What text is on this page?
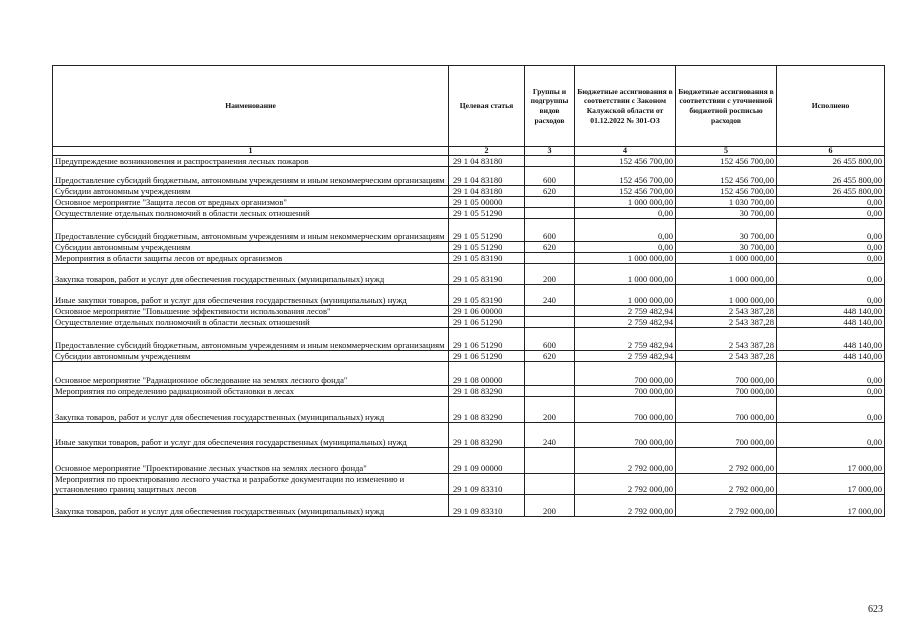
Наименование	Целевая статья	Группы и подгруппы видов расходов	Бюджетные ассигнования в соответствии с Законом Калужской области от 01.12.2022 № 301-ОЗ	Бюджетные ассигнования в соответствии с уточненной бюджетной росписью расходов	Исполнено
1	2	3	4	5	6
Предупреждение возникновения и распространения лесных пожаров	29 1 04 83180		152 456 700,00	152 456 700,00	26 455 800,00
Предоставление субсидий бюджетным, автономным учреждениям и иным некоммерческим организациям	29 1 04 83180	600	152 456 700,00	152 456 700,00	26 455 800,00
Субсидии автономным учреждениям	29 1 04 83180	620	152 456 700,00	152 456 700,00	26 455 800,00
Основное мероприятие "Защита лесов от вредных организмов"	29 1 05 00000		1 000 000,00	1 030 700,00	0,00
Осуществление отдельных полномочий в области лесных отношений	29 1 05 51290		0,00	30 700,00	0,00
Предоставление субсидий бюджетным, автономным учреждениям и иным некоммерческим организациям	29 1 05 51290	600	0,00	30 700,00	0,00
Субсидии автономным учреждениям	29 1 05 51290	620	0,00	30 700,00	0,00
Мероприятия в области защиты лесов от вредных организмов	29 1 05 83190		1 000 000,00	1 000 000,00	0,00
Закупка товаров, работ и услуг для обеспечения государственных (муниципальных) нужд	29 1 05 83190	200	1 000 000,00	1 000 000,00	0,00
Иные закупки товаров, работ и услуг для обеспечения государственных (муниципальных) нужд	29 1 05 83190	240	1 000 000,00	1 000 000,00	0,00
Основное мероприятие "Повышение эффективности использования лесов"	29 1 06 00000		2 759 482,94	2 543 387,28	448 140,00
Осуществление отдельных полномочий в области лесных отношений	29 1 06 51290		2 759 482,94	2 543 387,28	448 140,00
Предоставление субсидий бюджетным, автономным учреждениям и иным некоммерческим организациям	29 1 06 51290	600	2 759 482,94	2 543 387,28	448 140,00
Субсидии автономным учреждениям	29 1 06 51290	620	2 759 482,94	2 543 387,28	448 140,00
Основное мероприятие "Радиационное обследование на землях лесного фонда"	29 1 08 00000		700 000,00	700 000,00	0,00
Мероприятия по определению радиационной обстановки в лесах	29 1 08 83290		700 000,00	700 000,00	0,00
Закупка товаров, работ и услуг для обеспечения государственных (муниципальных) нужд	29 1 08 83290	200	700 000,00	700 000,00	0,00
Иные закупки товаров, работ и услуг для обеспечения государственных (муниципальных) нужд	29 1 08 83290	240	700 000,00	700 000,00	0,00
Основное мероприятие "Проектирование лесных участков на землях лесного фонда"	29 1 09 00000		2 792 000,00	2 792 000,00	17 000,00
Мероприятия по проектированию лесного участка и разработке документации по изменению и установлению границ защитных лесов	29 1 09 83310		2 792 000,00	2 792 000,00	17 000,00
Закупка товаров, работ и услуг для обеспечения государственных (муниципальных) нужд	29 1 09 83310	200	2 792 000,00	2 792 000,00	17 000,00
623
